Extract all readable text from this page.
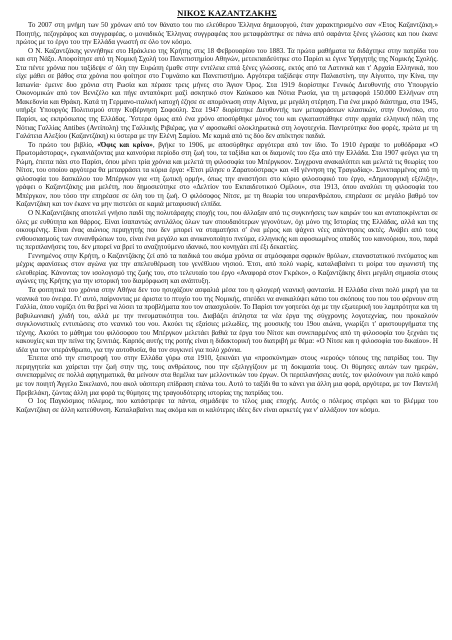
ΝΙΚΟΣ ΚΑΖΑΝΤΖΑΚΗΣ

Το 2007 στη μνήμη των 50 χρόνων από τον θάνατο του πιο ελεύθερου Έλληνα δημιουργού, έταν χαρακτηρισμένο σαν «Έτος Καζαντζάκη.» Ποιητής, πεζογράφος και συγγραφέας, ο μοναδικός Έλληνας συγγραφέας που μεταφράστηκε σε πάνω από σαράντα ξένες γλώσσες και που έκανε πρώτος με το έργο του την Ελλάδα γνωστή σε όλο τον κόσμο.

Ο Ν. Καζαντζάκης γεννήθηκε στο Ηράκλειο της Κρήτης στις 18 Φεβρουαρίου του 1883. Τα πρώτα μαθήματα τα διδάχτηκε στην πατρίδα του και στη Νάξο. Αποφοίτησε από τη Νομική Σχολή του Πανεπιστημίου Αθηνών, μετεκπαιδεύτηκε στο Παρίσι κι έγινε Υφηγητής της Νομικής Σχολής. Στα πέντε χρόνια που ταξίδεψε σ' όλη την Ευρώπη έμαθε στην εντέλεια επτά ξένες γλώσσες, εκτός από τα Λατινικά και τ' Αρχαία Ελληνικά, που είχε μάθει σε βάθος στα χρόνια που φοίτησε στο Γυμνάσιο και Πανεπιστήμιο. Αργότερα ταξίδεψε στην Παλαιστίνη, την Αίγυπτο, την Κίνα, την Ιαπωνία· έμεινε δυο χρόνια στη Ρωσία και πέρασε τρεις μήνες στο Άγιον Όρος. Στα 1919 διορίστηκε Γενικός Διευθυντής στο Υπουργείο Οικονομικών από τον Βενιζέλο και πήγε ανταπόκριτ μαζί ασκητικό στον Καύκασο και Νότια Ρωσία, για τη μεταφορά 150.000 Ελλήνων στη Μακεδονία και Θράκη. Κατά τη Γερμανο-ιταλική κατοχή έζησε σε απομόνωση στην Αίγινα, με μεγάλη στέρηση. Για ένα μικρό διάστημα, στα 1945, υπήρξε Υπουργός Πολιτισμού στην Κυβέρνηση Σοφούλη. Στα 1947 διορίστηκε Διευθυντής των μεταφράσεων κλασικών, στην Ουνέσκο, στο Παρίσι, ως εκπρόσωπος της Ελλάδας. Ύστερα όμως από ένα χρόνο αποσύρθηκε μόνος του και εγκαταστάθηκε στην αρχαία ελληνική πόλη της Νότιας Γαλλίας Antibes (Αντίπολη) της Γαλλικής Ριβιέρας, για ν' αφοσιωθεί ολοκληρωτικά στη λογοτεχνία. Παντρεύτηκε δυο φορές, πρώτα με τη Γαλάτεια Αλεξίου (Καζαντζάκη) κι ύστερα με την Ελένη Σαμίου. Με καμιά από τις δύο δεν απέκτησε παιδιά.

Το πρώτο του βιβλίο, «Όφις και κρίνο», βγήκε το 1906, με αποσύρθηκε αργότερα από τον ίδιο. Το 1910 έγραψε το μυθόδραμα «Ο Πρωτομάστορας», εγκαινιάζοντας μια καινούρια περίοδο στη ζωή του, τα ταξίδια και οι διαμονές του έξω από την Ελλάδα. Στα 1907 φεύγει για τη Ρώμη, έπειτα πάει στο Παρίσι, όπου μένει τρία χρόνια και μελετά τη φιλοσοφία του Μπέργκσον. Συγχρονα ανακαλύπτει και μελετά τις θεωρίες του Νίτσε, του οποίου αργότερα θα μεταφράσει τα κύρια έργα: «Έτσι μίλησε ο Ζαρατούστρας» και «Η γέννηση της Τραγωδίας». Συνεπαρμένος από τη φιλοσοφία του δασκάλου του Μπέργκον για «τη ζωτική ορμή», όπως την αναστήσει στο κύριο φιλοσοφικό του έργο, «Δημιουργική εξέλιξη», γράφει ο Καζαντζάκης μια μελέτη, που δημοσιεύτηκε στο «Δελτίον του Εκπαιδευτικού Ομίλου», στα 1913, όπου αναλύει τη φιλοσοφία του Μπέργκον, που τόσο την επηρέασε σε όλη του τη ζωή. Ο φιλόσοφος Νίτσε, με τη θεωρία του υπερανθρώπου, επηρέασε σε μεγάλο βαθμό τον Καζαντζάκη και τον έκανε να μην πιστεύει σε καμιά μεταφυσική ελπίδα.

Ο Ν.Καζαντζάκης αποτελεί γνήσιο παιδί της πολυτάραχης εποχής του, που άλλαξαν από τις συγκινήσεις των καιρών του και ανταποκρίνεται σε όλες με ευθύτητα και θάρρος. Είναι ίσαπαντώς αντιλάλος όλων των σπουδαιότερων γεγονότων, όχι μόνο της Ιστορίας της Ελλάδας, αλλά και της οικουμένης. Είναι ένας αιώνιος περιηγητής που δεν μπορεί να σταματήσει σ' ένα μέρος και ψάχνει νέες απάντησεις ακτές. Ανάβει από τους ενθουσιασμούς των συνανθρώπων του, είναι ένα μεγάλο και ανικανοποίητο πνεύμα, ελληνικής και αφοσιωμένος οπαδός του καινούριου, που, παρά τις περιπλανήσεις του, δεν μπορεί να βρεί το αναζητούμενο ιδανικό, που κυνηγάει επί έξι δεκαετίες.

Γεννημένος στην Κρήτη, ο Καζαντζάκης ζεί από τα παιδικά του ακόμα χρόνια σε ατμόσφαιρα σφρικόν θρύλων, επαναστατικού πνεύματος και μέχρις αφανίσεως στον αγώνα για την απελευθέρωση του γενέθλιου νησιού. Έτσι, από πολύ νωρίς, καταλαβαίνει τι μοίρα του αγωνιστή της ελευθερίας. Κάνοντας τον ισολογισμό της ζωής του, στο τελευταίο του έργο «Αναφορά στον Γκρέκο», ο Καζαντζάκης δίνει μεγάλη σημασία στους αγώνες της Κρήτης για την ιστορική του διαμόρφωση και ανάπτυξη.

Τα φοιτητικά του χρόνια στην Αθήνα δεν του ησυχάζουν ασφαλιά μέσα του η φλογερή νεανική φαντασία. Η Ελλάδα είναι πολύ μικρή για τα νεανικά του όνειρα. Γι' αυτό, παίρνοντας με άριστα το πτυχίο του της Νομικής, σπεύδει να ανακαλύψει κάτιο του σκόπους του που του φέρνουν στη Γαλλία, όπου νομίζει ότι θα βρεί να λύσει τα προβλήματα που τον απασχολούν. Το Παρίσι τον γοητεύει όχι με την εξωτερική του λαμπρότητα και τη βαβυλωνιακή χλιδή του, αλλά με την πνευματικότητα του. Διαβάζει άπληστα τα νέα έργα της σύγχρονης λογοτεχνίας, που προκαλούν συγκλονιστικές εντυπώσεις στο νεανικό του νου. Ακούει τις εξαίσιες μελωδίες, της μουσικής του 19ου αιώνα, γνωρίζει τ' αριστουργήματα της τέχνης. Ακούει το μάθημα του φιλόσοφου του Μπέργκον μελετάει βαθιά τα έργα του Νίτσε και συνεπαρμένος από τη φιλοσοφία του ξεχνάει τις κακουχίες και την πείνα της ξενιτιάς. Καρπός αυτής της ροπής είναι η διδακτορική του διατριβή με θέμα: «Ο Νίτσε και η φιλοσοφία του δικαίου». Η ιδέα για τον υπεράνθρωπο, για την αυτοθυσία, θα τον συγκινεί για πολύ χρόνια.

Έπειτα από την επιστροφή του στην Ελλάδα γύρω στα 1910, ξεκινάει για «προσκύνημα» στους «ιερούς» τόπους της πατρίδας του. Την περιηγητεία και χαίρεται την ζωή στην της, τους ανθρώπους, που την εξελιγγίζουν με τη δοκιμασία τους. Οι θύμησες αυτών των ημερών, συνεπαρμένες σε πολλά αφηγηματικά, θα μείνουν στα θεμέλια των μελλοντικών του έργων. Οι περιπλανήσεις αυτές, τον φιλούνουν για πολύ καιρό με τον ποιητή Άγγελο Σικελιανό, που ακολ υάσιτερη επίδραση επάνω του. Αυτό το ταξίδι θα το κάνει για άλλη μια φορά, αργότερα, με τον Παντελή Πρεβελάκη, ζώντας άλλη μια φορά τις θύμησες της τραγουδότερης ιστορίας της πατρίδας του.

Ο 1ος Παγκόσμιος πόλεμος, που κατάστρεψε τα πάντα, σημάδεψε το τέλος μιας εποχής. Αυτός ο πόλεμος στρέφει και το βλέμμα του Καζαντζάκη σε άλλη κατεύθυνση. Καταλαβαίνει πως ακόμα και οι καλύτερες ιδέες δεν είναι αρκετές για ν' αλλάξουν τον κόσμο.
